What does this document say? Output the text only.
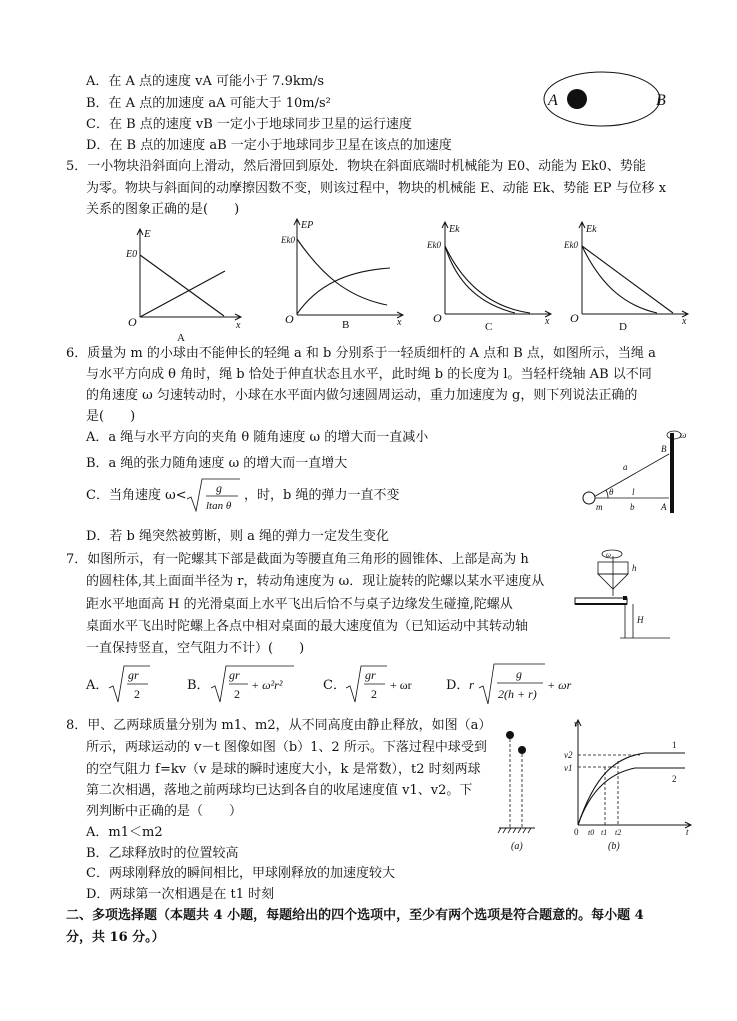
A．在 A 点的速度 vA 可能小于 7.9km/s
B．在 A 点的加速度 aA 可能大于 10m/s²
C．在 B 点的速度 vB 一定小于地球同步卫星的运行速度
D．在 B 点的加速度 aB 一定小于地球同步卫星在该点的加速度
A	B
5．一小物块沿斜面向上滑动，然后滑回到原处．物块在斜面底端时机械能为 E0、动能为 Ek0、势能
为零。物块与斜面间的动摩擦因数不变，则该过程中，物块的机械能 E、动能 Ek、势能 EP 与位移 x
关系的图象正确的是(　　)
E
E0
O	x
A
EP
Ek0
O	x
B
Ek
Ek0
O	x
C
Ek
Ek0
O	x
D
6．质量为 m 的小球由不能伸长的轻绳 a 和 b 分别系于一轻质细杆的 A 点和 B 点，如图所示，当绳 a
与水平方向成 θ 角时，绳 b 恰处于伸直状态且水平，此时绳 b 的长度为 l。当轻杆绕轴 AB 以不同
的角速度 ω 匀速转动时，小球在水平面内做匀速圆周运动，重力加速度为 g，则下列说法正确的
是(　　)
A．a 绳与水平方向的夹角 θ 随角速度 ω 的增大而一直减小
B．a 绳的张力随角速度 ω 的增大而一直增大
C．当角速度 ω< g
ltan θ
，时，b 绳的弹力一直不变
D．若 b 绳突然被剪断，则 a 绳的弹力一定发生变化
ω
B
A
a
l
θ
m	b
7．如图所示，有一陀螺其下部是截面为等腰直角三角形的圆锥体、上部是高为 h
的圆柱体,其上面面半径为 r，转动角速度为 ω．现让旋转的陀螺以某水平速度从
距水平地面高 H 的光滑桌面上水平飞出后恰不与桌子边缘发生碰撞,陀螺从
桌面水平飞出时陀螺上各点中相对桌面的最大速度值为（已知运动中其转动轴
一直保持竖直，空气阻力不计）(　　)
A．
gr
2
B．
gr
2
+ ω²r²	C．
gr
2
+ ωr	D． r
g
2(h + r)
+ ωr
ω
h
H
8．甲、乙两球质量分别为 m1、m2，从不同高度由静止释放，如图（a）
所示，两球运动的 v－t 图像如图（b）1、2 所示。下落过程中球受到
的空气阻力 f=kv（v 是球的瞬时速度大小，k 是常数），t2 时刻两球
第二次相遇，落地之前两球均已达到各自的收尾速度值 v1、v2。下
列判断中正确的是（　　）
A．m1＜m2
B．乙球释放时的位置较高
C．两球刚释放的瞬间相比，甲球刚释放的加速度较大
D．两球第一次相遇是在 t1 时刻
(a)
v
v2
v1
1
2
0 t0 t1 t2	t
(b)
二、多项选择题（本题共 4 小题，每题给出的四个选项中，至少有两个选项是符合题意的。每小题 4
分，共 16 分。）
